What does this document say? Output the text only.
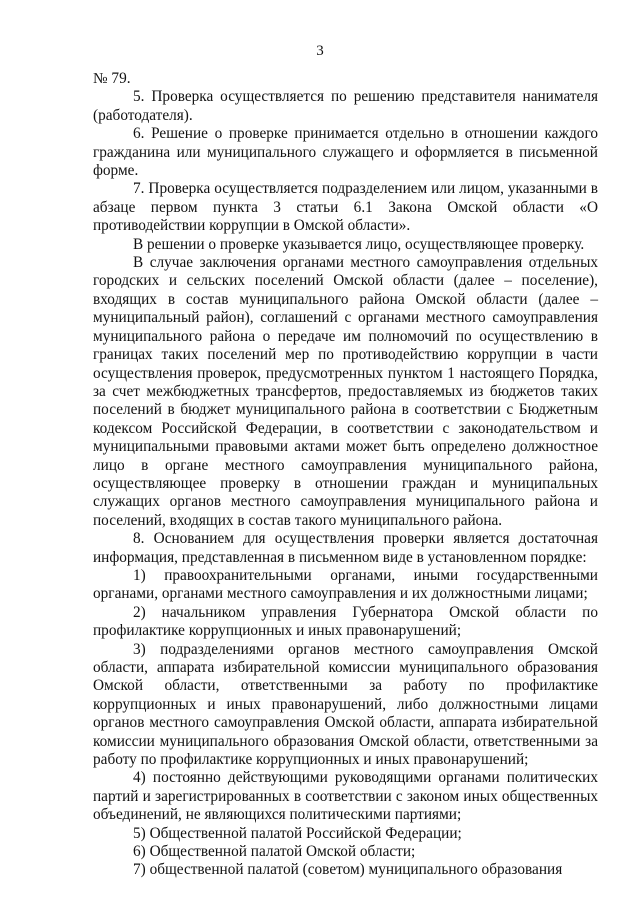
3

№ 79.

5. Проверка осуществляется по решению представителя нанимателя (работодателя).

6. Решение о проверке принимается отдельно в отношении каждого гражданина или муниципального служащего и оформляется в письменной форме.

7. Проверка осуществляется подразделением или лицом, указанными в абзаце первом пункта 3 статьи 6.1 Закона Омской области «О противодействии коррупции в Омской области».

В решении о проверке указывается лицо, осуществляющее проверку.

В случае заключения органами местного самоуправления отдельных городских и сельских поселений Омской области (далее – поселение), входящих в состав муниципального района Омской области (далее – муниципальный район), соглашений с органами местного самоуправления муниципального района о передаче им полномочий по осуществлению в границах таких поселений мер по противодействию коррупции в части осуществления проверок, предусмотренных пунктом 1 настоящего Порядка, за счет межбюджетных трансфертов, предоставляемых из бюджетов таких поселений в бюджет муниципального района в соответствии с Бюджетным кодексом Российской Федерации, в соответствии с законодательством и муниципальными правовыми актами может быть определено должностное лицо в органе местного самоуправления муниципального района, осуществляющее проверку в отношении граждан и муниципальных служащих органов местного самоуправления муниципального района и поселений, входящих в состав такого муниципального района.

8. Основанием для осуществления проверки является достаточная информация, представленная в письменном виде в установленном порядке:

1) правоохранительными органами, иными государственными органами, органами местного самоуправления и их должностными лицами;

2) начальником управления Губернатора Омской области по профилактике коррупционных и иных правонарушений;

3) подразделениями органов местного самоуправления Омской области, аппарата избирательной комиссии муниципального образования Омской области, ответственными за работу по профилактике коррупционных и иных правонарушений, либо должностными лицами органов местного самоуправления Омской области, аппарата избирательной комиссии муниципального образования Омской области, ответственными за работу по профилактике коррупционных и иных правонарушений;

4) постоянно действующими руководящими органами политических партий и зарегистрированных в соответствии с законом иных общественных объединений, не являющихся политическими партиями;

5) Общественной палатой Российской Федерации;

6) Общественной палатой Омской области;

7) общественной палатой (советом) муниципального образования
